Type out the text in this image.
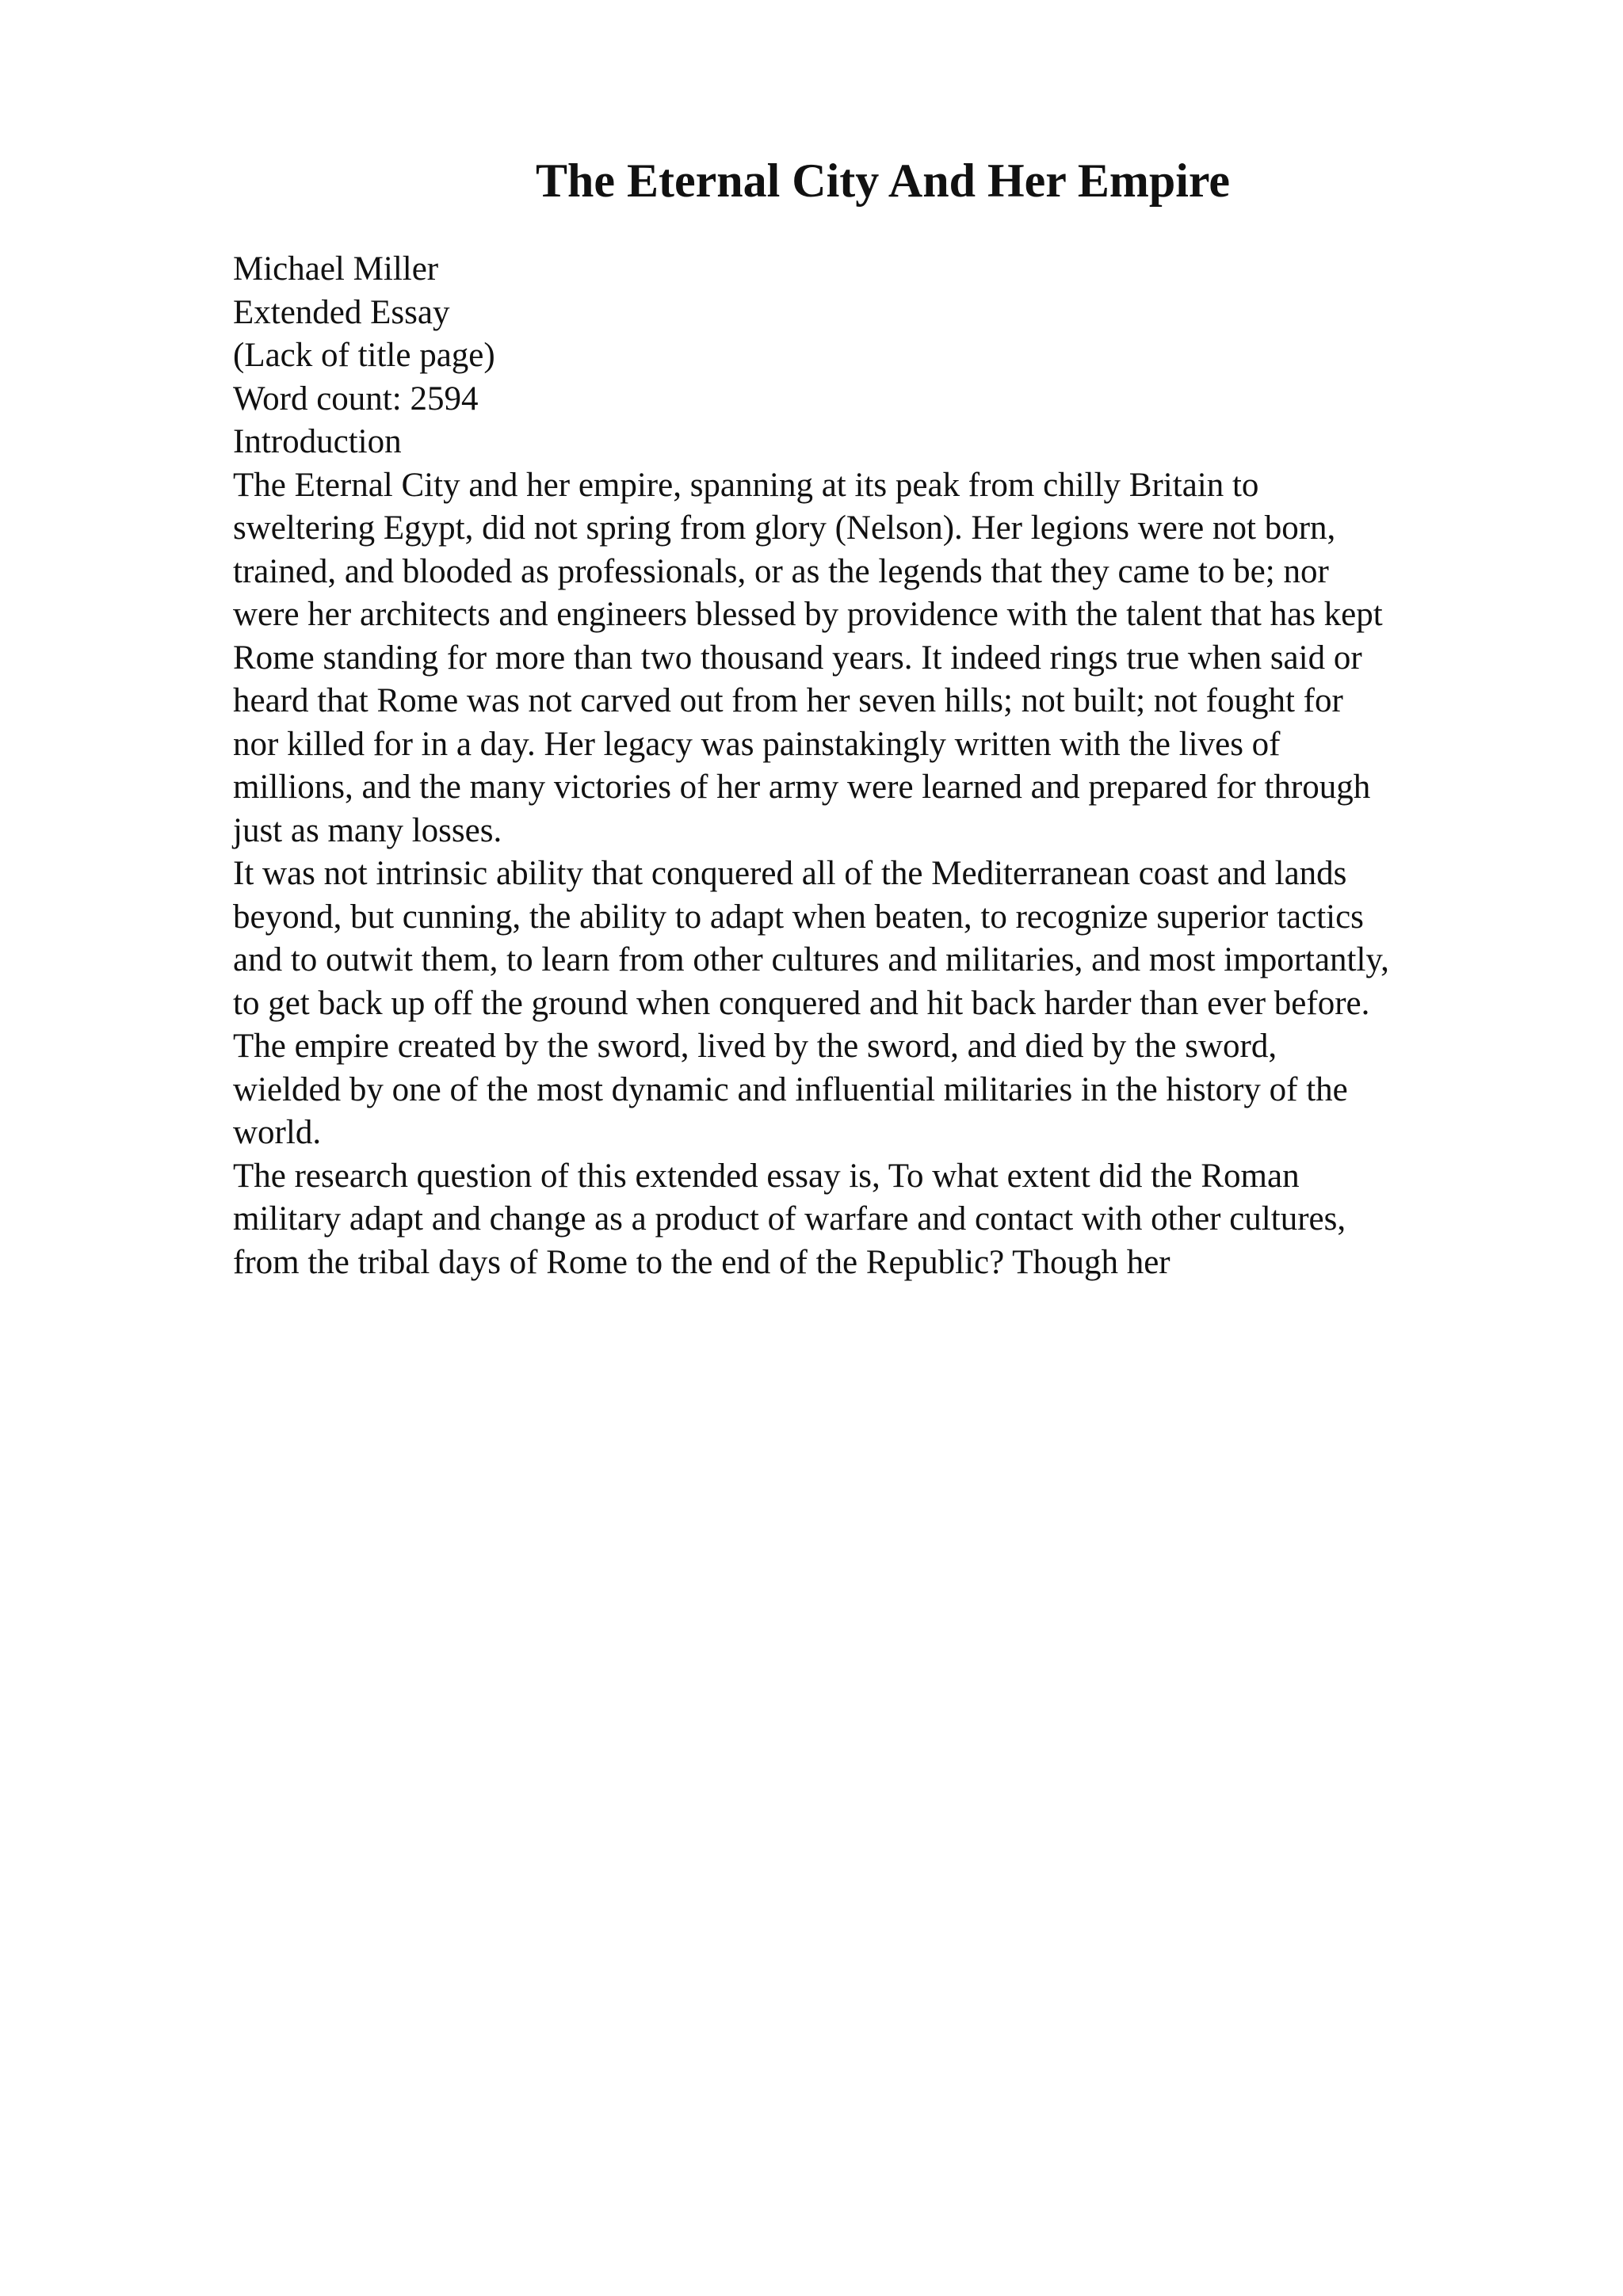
The Eternal City And Her Empire
Michael Miller
Extended Essay
(Lack of title page)
Word count: 2594
Introduction
The Eternal City and her empire, spanning at its peak from chilly Britain to
sweltering Egypt, did not spring from glory (Nelson). Her legions were not born,
trained, and blooded as professionals, or as the legends that they came to be; nor
were her architects and engineers blessed by providence with the talent that has kept
Rome standing for more than two thousand years. It indeed rings true when said or
heard that Rome was not carved out from her seven hills; not built; not fought for
nor killed for in a day. Her legacy was painstakingly written with the lives of
millions, and the many victories of her army were learned and prepared for through
just as many losses.
It was not intrinsic ability that conquered all of the Mediterranean coast and lands
beyond, but cunning, the ability to adapt when beaten, to recognize superior tactics
and to outwit them, to learn from other cultures and militaries, and most importantly,
to get back up off the ground when conquered and hit back harder than ever before.
The empire created by the sword, lived by the sword, and died by the sword,
wielded by one of the most dynamic and influential militaries in the history of the
world.
The research question of this extended essay is, To what extent did the Roman
military adapt and change as a product of warfare and contact with other cultures,
from the tribal days of Rome to the end of the Republic? Though her
